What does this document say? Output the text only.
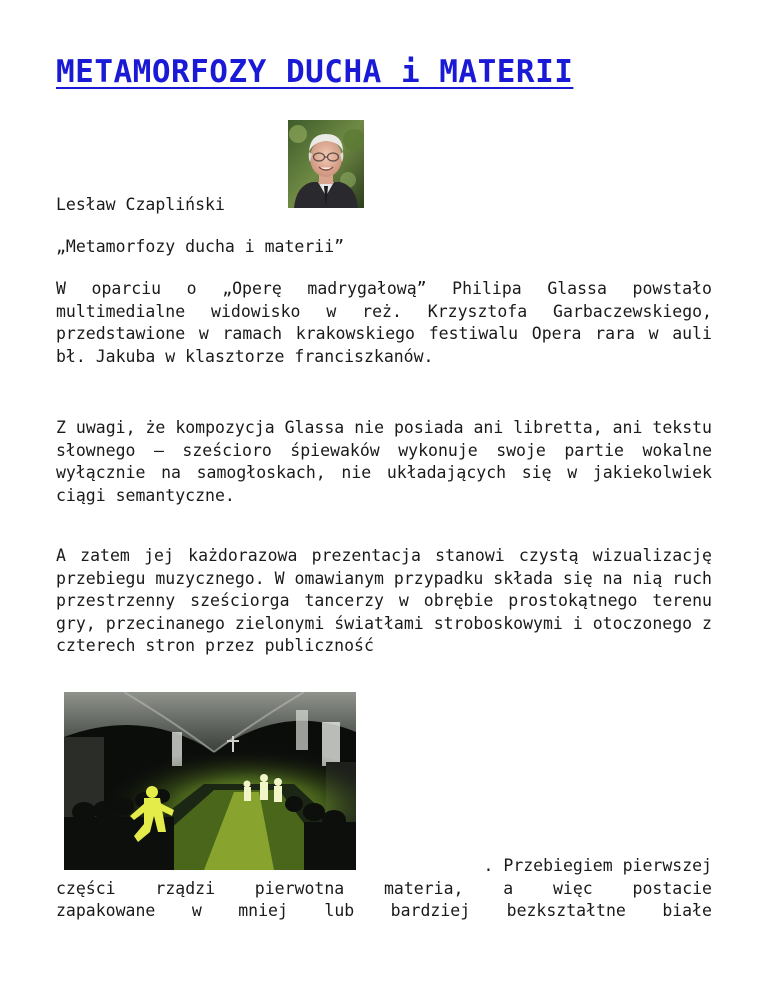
METAMORFOZY DUCHA i MATERII

Lesław Czapliński

„Metamorfozy ducha i materii”

W oparciu o „Operę madrygałową” Philipa Glassa powstało multimedialne widowisko w reż. Krzysztofa Garbaczewskiego, przedstawione w ramach krakowskiego festiwalu Opera rara w auli bł. Jakuba w klasztorze franciszkanów.

Z uwagi, że kompozycja Glassa nie posiada ani libretta, ani tekstu słownego – sześcioro śpiewaków wykonuje swoje partie wokalne wyłącznie na samogłoskach, nie układających się w jakiekolwiek ciągi semantyczne.

A zatem jej każdorazowa prezentacja stanowi czystą wizualizację przebiegu muzycznego. W omawianym przypadku składa się na nią ruch przestrzenny sześciorga tancerzy w obrębie prostokątnego terenu gry, przecinanego zielonymi światłami stroboskowymi i otoczonego z czterech stron przez publiczność

. Przebiegiem pierwszej
części rządzi pierwotna materia, a więc postacie
zapakowane w mniej lub bardziej bezkształtne białe
